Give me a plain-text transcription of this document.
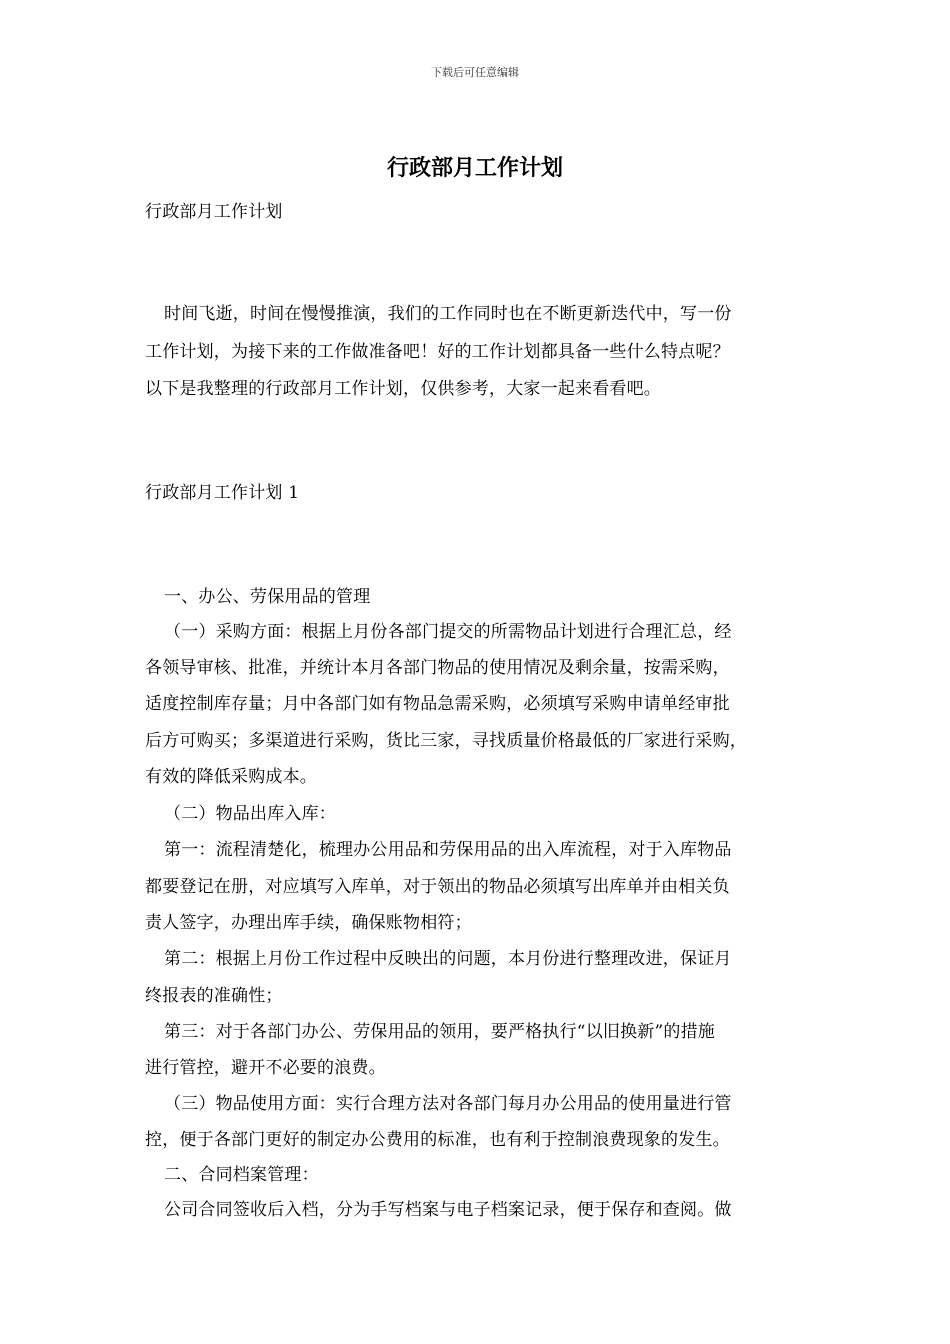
下载后可任意编辑
行政部月工作计划
行政部月工作计划
时间飞逝，时间在慢慢推演，我们的工作同时也在不断更新迭代中，写一份
工作计划，为接下来的工作做准备吧！好的工作计划都具备一些什么特点呢？
以下是我整理的行政部月工作计划，仅供参考，大家一起来看看吧。
行政部月工作计划 1
一、办公、劳保用品的管理
（一）采购方面：根据上月份各部门提交的所需物品计划进行合理汇总，经
各领导审核、批准，并统计本月各部门物品的使用情况及剩余量，按需采购，
适度控制库存量；月中各部门如有物品急需采购，必须填写采购申请单经审批
后方可购买；多渠道进行采购，货比三家，寻找质量价格最低的厂家进行采购，
有效的降低采购成本。
（二）物品出库入库：
第一：流程清楚化，梳理办公用品和劳保用品的出入库流程，对于入库物品
都要登记在册，对应填写入库单，对于领出的物品必须填写出库单并由相关负
责人签字，办理出库手续，确保账物相符；
第二：根据上月份工作过程中反映出的问题，本月份进行整理改进，保证月
终报表的准确性；
第三：对于各部门办公、劳保用品的领用，要严格执行“以旧换新”的措施
进行管控，避开不必要的浪费。
（三）物品使用方面：实行合理方法对各部门每月办公用品的使用量进行管
控，便于各部门更好的制定办公费用的标准，也有利于控制浪费现象的发生。
二、合同档案管理：
公司合同签收后入档，分为手写档案与电子档案记录，便于保存和查阅。做
